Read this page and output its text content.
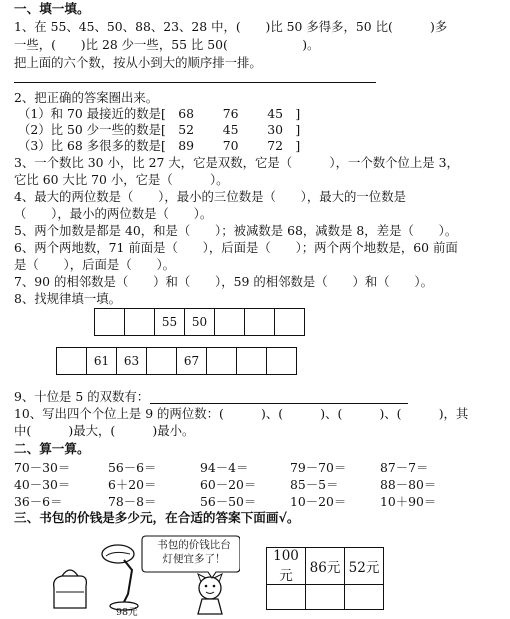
一、填一填。
1、在 55、45、50、88、23、28 中，(　　)比 50 多得多，50 比(　　　)多
一些，(　　)比 28 少一些，55 比 50(　　　　　　)。
把上面的六个数，按从小到大的顺序排一排。
2、把正确的答案圈出来。
（1）和 70 最接近的数是[　68　　 76　　 45　]
（2）比 50 少一些的数是[　52　　 45　　 30　]
（3）比 68 多很多的数是[　89　　 70　　 72　]
3、一个数比 30 小，比 27 大，它是双数，它是（　　　），一个数个位上是 3，
它比 60 大比 70 小，它是（　　　）。
4、最大的两位数是（　　），最小的三位数是（　　），最大的一位数是
（　　），最小的两位数是（　　）。
5、两个加数是都是 40，和是（　　）；被减数是 68，减数是 8，差是（　　）。
6、两个两地数，71 前面是（　　），后面是（　　）；两个两个地数是，60 前面
是（　　），后面是（　　）。
7、90 的相邻数是（　　）和（　　），59 的相邻数是（　　）和（　　）。
8、找规律填一填。
55	50
61	63	67
9、十位是 5 的双数有：
10、写出四个个位上是 9 的两位数：(　　　)、(　　　)、(　　　)、(　　　)，其
中(　　　)最大，(　　　)最小。
二、算一算。
70－30＝	56－6＝	94－4＝	79－70＝	87－7＝
40－30＝	6＋20＝	60－20＝	85－5＝	88－80＝
36－6＝	78－8＝	56－50＝	10－20＝	10＋90＝
三、书包的价钱是多少元，在合适的答案下面画√。
书包的价钱比台
灯便宜多了！
98元
100元	86元	52元
